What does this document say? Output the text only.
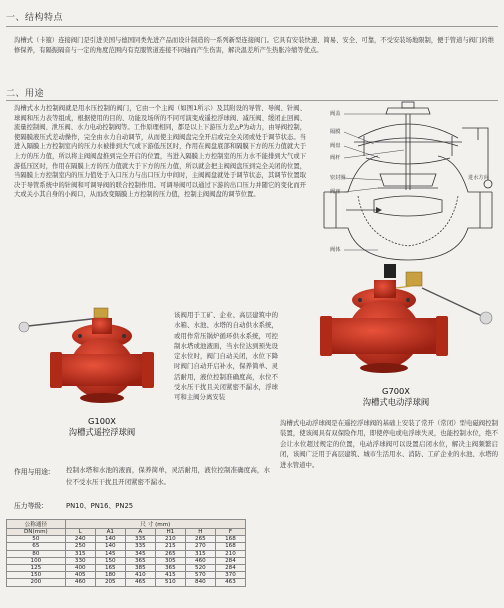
一、结构特点
沟槽式（卡箍）连接阀门是引进美国与德国同类先进产品而设计制造的一系列新型连接阀门。它具有安装快速、简易、安全、可靠，不受安装场地限制，便于管道与阀门的维修保养，有隔振隔音与一定的角度范围内有克服管道连接不同轴而产生伤害，解决温差所产生热胀冷缩等优点。
二、用途
沟槽式水力控制阀就是用水压控制的阀门，它由一个主阀（如图1所示）及其附设的导管、导阀、针阀、球阀和压力表等组成，根据使用的目的、功能及场所的不同可演变成遥控浮球阀、减压阀、缓闭止回阀、流量控制阀、泄压阀、水力电动控制阀等。工作原理相同，都是以上下游压力差△P为动力，由导阀控制，使隔膜液压式差动操作，完全由水力自动调节，从而使主阀阀盘完全开启或完全关闭或处于调节状态。当进入隔膜上方控制室内的压力水被排到大气或下游低压区时，作用在阀盘底部和隔膜下方的压力值就大于上方的压力值，所以将主阀阀盘推到完全开启的位置，当进入隔膜上方控制室的压力水不能排到大气或下游低压区时，作用在隔膜上方的压力值就大于下方的压力值，所以就会把主阀阀盘压到完全关闭的位置，当隔膜上方控制室内的压力值处于入口压力与出口压力中间时，主阀阀盘就处于调节状态，其调节位置取决于导管系统中的针阀和可调导阀的联合控制作用。可调导阀可以通过下游的出口压力并随它的变化而开大或关小其自身的小阀口，从而改变隔膜上方控制的压力值，控制主阀阀盘的调节位置。
阀盖
隔膜
阀盘
阀杆
密封圈
阀座
进水方向
阀体
G100X
沟槽式遥控浮球阀
该阀用于工矿、企业、高层建筑中的水箱、水池、水塔的自动供水系统，或用作常压锅炉循环供水系统，可控制水塔或池液面，当水位达到预先设定水位时，阀门自动关闭，水位下降时阀门自动开启补水，保养简单、灵活耐用，液位控制准确度高，水位不受水压干扰且关闭紧密不漏水，浮球可和主阀分离安装
G700X
沟槽式电动浮球阀
沟槽式电动浮球阀是在遥控浮球阀的基础上安装了常开（常闭）型电磁阀控制装置，使该阀具有双保险作用，即使停电或电浮球失灵，也能控制水位，绝不会让水位超过规定的位置，电动浮球阀可以设置启闭水位，解决主阀频繁启闭，该阀广泛用于高层建筑、城市生活用水、消防、工矿企业的水池、水塔的进水管道中。
作用与用途: 控制水塔和水池的液面，保养简单，灵活耐用，液位控制准确度高，水位不受水压干扰且开闭紧密不漏水。
压力等级:	PN10、PN16、PN25
公称通径	尺 寸 (mm)					
DN(mm)	L	A1	A	H1	H	F
50	240	140	335	210	265	168
65	250	140	335	215	270	168
80	315	145	345	265	315	210
100	330	150	365	305	460	284
125	400	165	385	365	520	284
150	405	180	410	415	570	370
200	460	205	465	510	840	463
